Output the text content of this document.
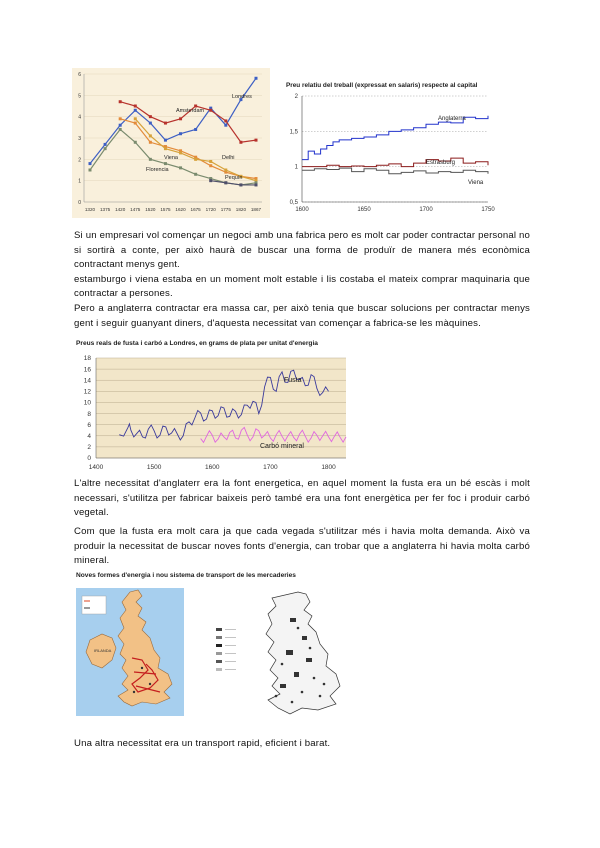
0
1
2
3
4
5
6
1320 1375 1420 1475 1520 1575 1620 1675 1720 1775 1820 1867
Londres
Amsterdam
Delhi
Viena
Florencia
Pequín
Preu relatiu del treball (expressat en salaris) respecte al capital
0,5
1
1,5
2
1600	1650	1700	1750
Anglaterra
Estrasburg
Viena

Si un empresari vol començar un negoci amb una fabrica pero es molt car poder contractar personal no si sortirà a conte, per això haurà de buscar una forma de produïr de manera més econòmica contractant menys gent.

estamburgo i viena estaba en un moment molt estable i lis costaba el mateix comprar maquinaria que contractar a persones.

Pero a anglaterra contractar era massa car, per això tenia que buscar solucions per contractar menys gent i seguir guanyant diners, d'aquesta necessitat van començar a fabrica-se les màquines.

Preus reals de fusta i carbó a Londres, en grams de plata per unitat d'energia
0
2
4
6
8
10
12
14
16
18
1400	1500	1600	1700	1800
Fusta
Carbó mineral

L'altre necessitat d'anglaterr era la font energetica, en aquel moment la fusta era un bé escàs i molt necessari, s'utilitza per fabricar baixeis però també era una font energètica per fer foc i produir carbó vegetal.

Com que la fusta era molt cara ja que cada vegada s'utilitzar més i havia molta demanda. Això va produir la necessitat de buscar noves fonts d'energia, can trobar que a anglaterra hi havia molta carbó mineral.

Noves formes d'energia i nou sistema de transport de les mercaderies
IRLANDA

Una altra necessitat era un transport rapid, eficient i barat.
